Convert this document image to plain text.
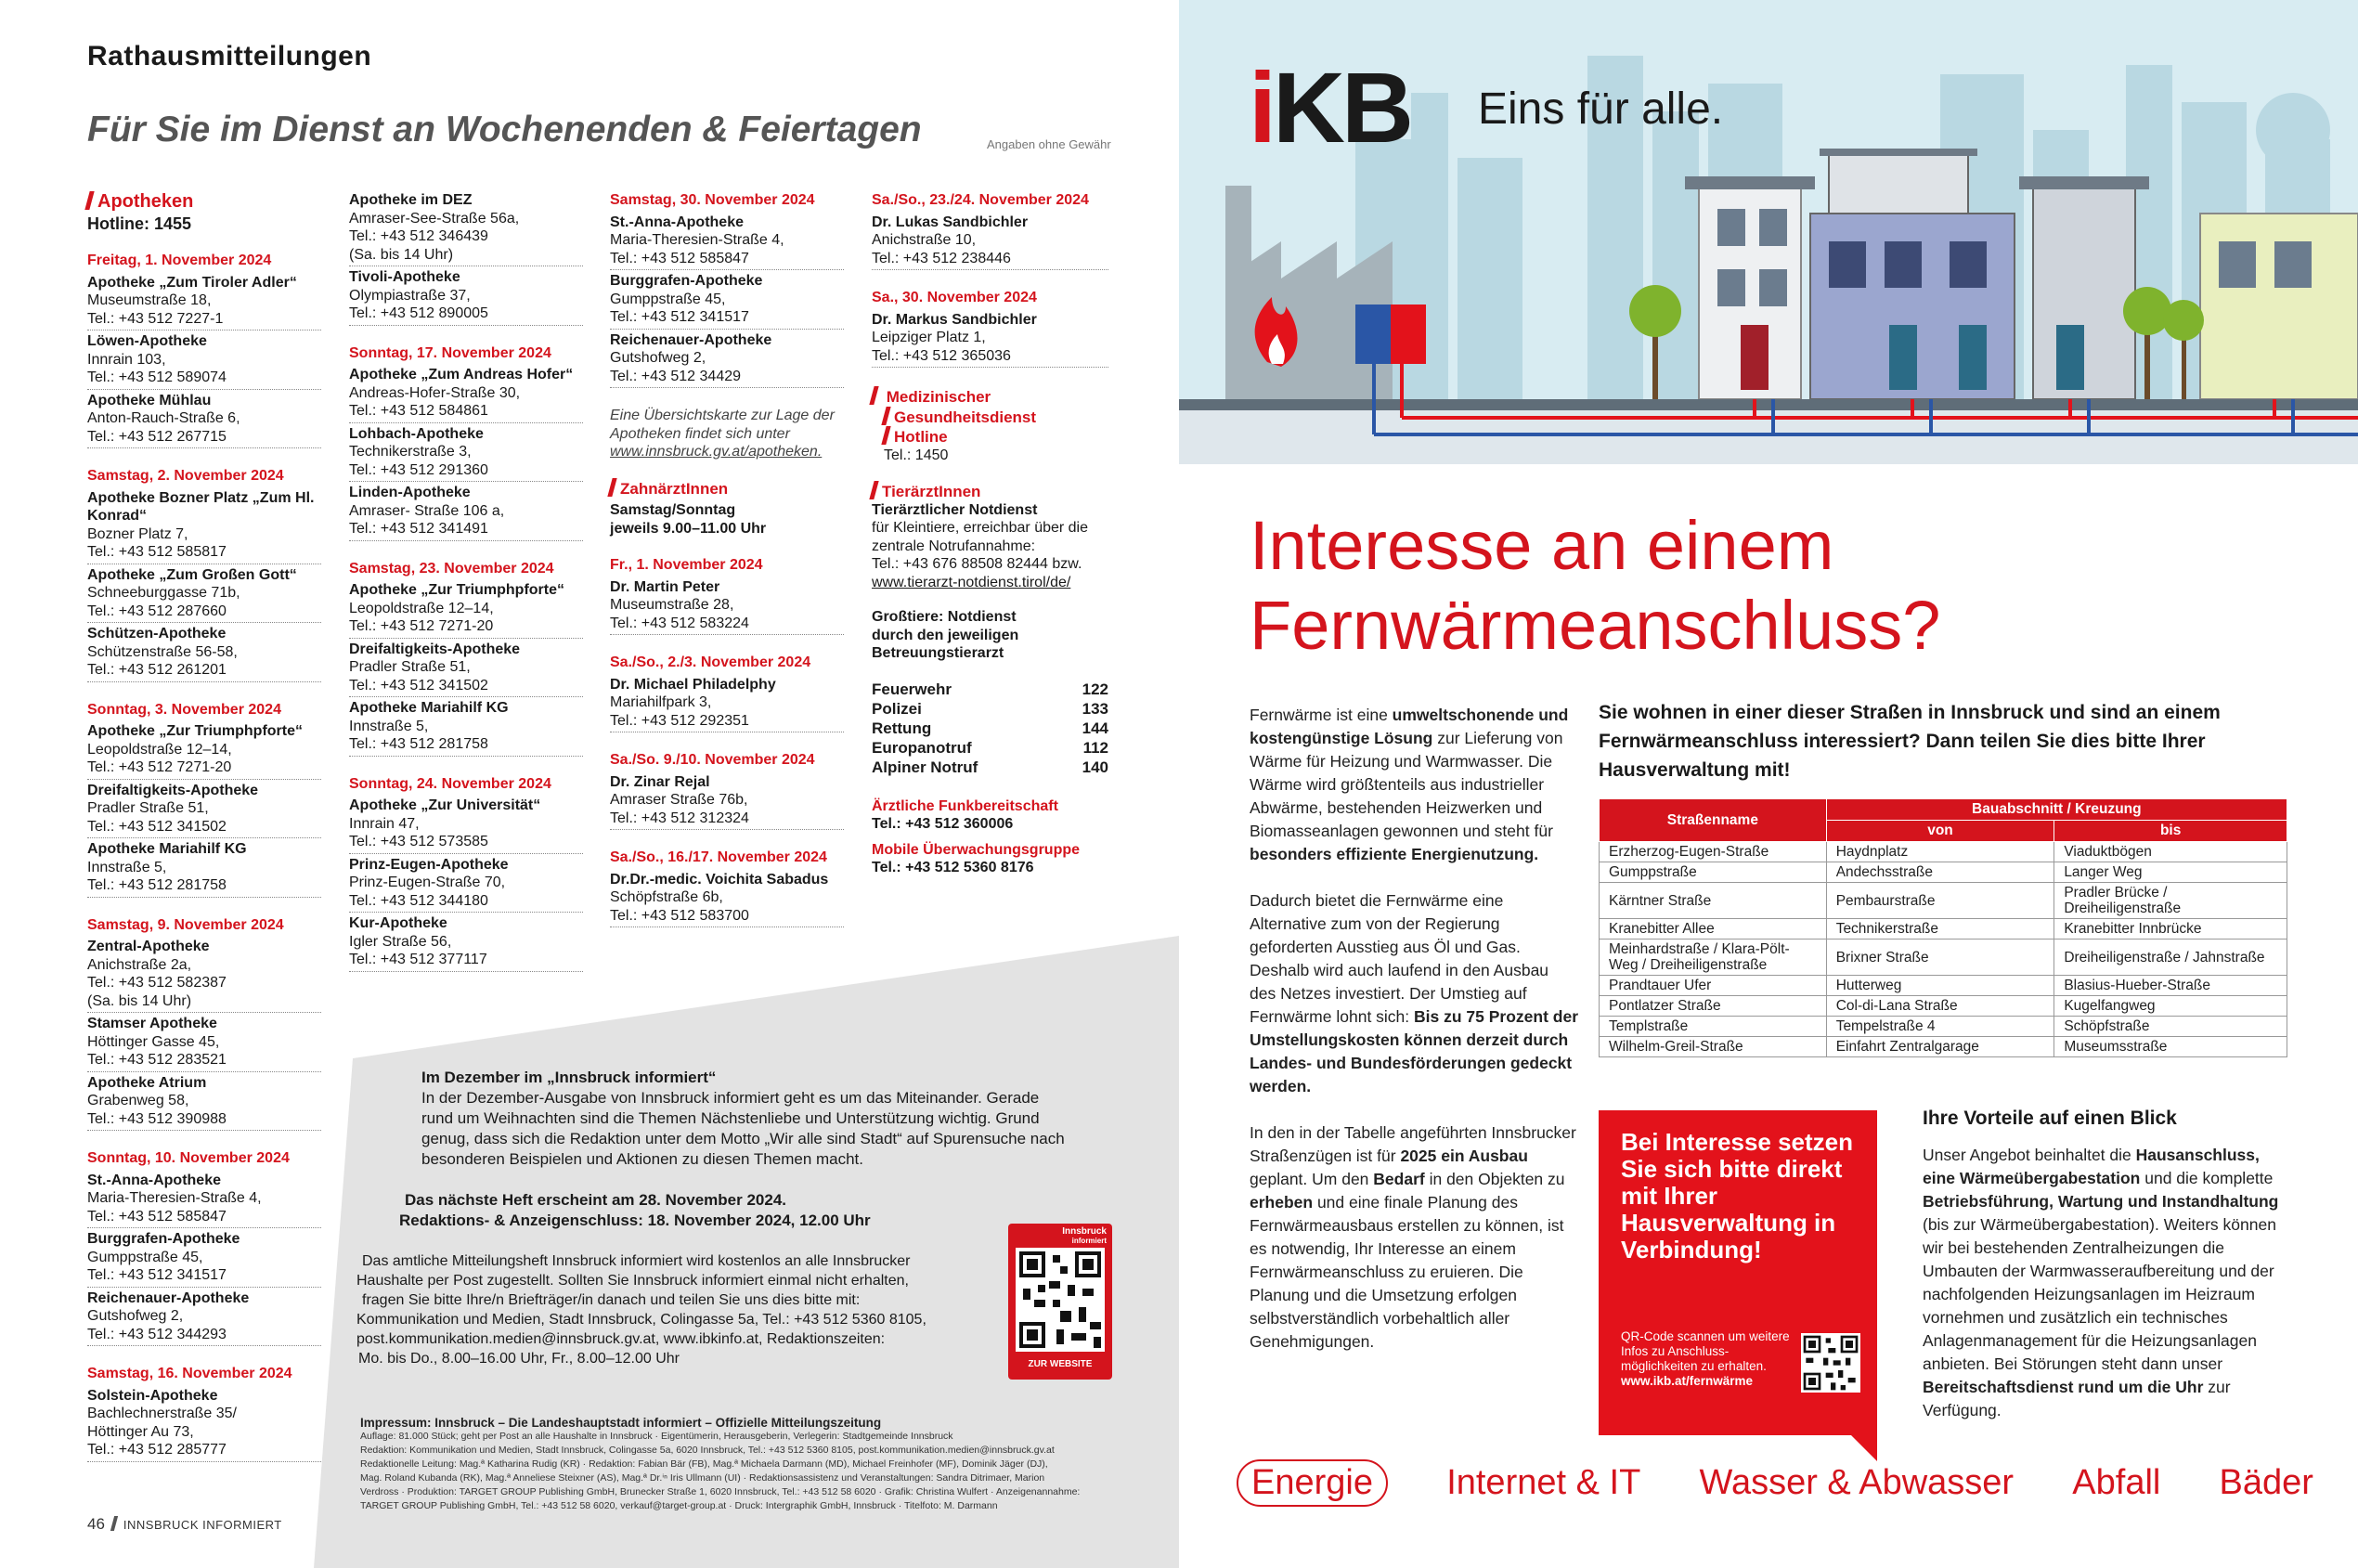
Rathausmitteilungen
Für Sie im Dienst an Wochenenden & Feiertagen	Angaben ohne Gewähr
Apotheken
Hotline: 1455
Freitag, 1. November 2024
Apotheke „Zum Tiroler Adler“
Museumstraße 18,
Tel.: +43 512 7227-1
Löwen-Apotheke
Innrain 103,
Tel.: +43 512 589074
Apotheke Mühlau
Anton-Rauch-Straße 6,
Tel.: +43 512 267715
Samstag, 2. November 2024
Apotheke Bozner Platz „Zum Hl. Konrad“
Bozner Platz 7,
Tel.: +43 512 585817
Apotheke „Zum Großen Gott“
Schneeburggasse 71b,
Tel.: +43 512 287660
Schützen-Apotheke
Schützenstraße 56-58,
Tel.: +43 512 261201
Sonntag, 3. November 2024
Apotheke „Zur Triumphpforte“
Leopoldstraße 12–14,
Tel.: +43 512 7271-20
Dreifaltigkeits-Apotheke
Pradler Straße 51,
Tel.: +43 512 341502
Apotheke Mariahilf KG
Innstraße 5,
Tel.: +43 512 281758
Samstag, 9. November 2024
Zentral-Apotheke
Anichstraße 2a,
Tel.: +43 512 582387
(Sa. bis 14 Uhr)
Stamser Apotheke
Höttinger Gasse 45,
Tel.: +43 512 283521
Apotheke Atrium
Grabenweg 58,
Tel.: +43 512 390988
Sonntag, 10. November 2024
St.-Anna-Apotheke
Maria-Theresien-Straße 4,
Tel.: +43 512 585847
Burggrafen-Apotheke
Gumppstraße 45,
Tel.: +43 512 341517
Reichenauer-Apotheke
Gutshofweg 2,
Tel.: +43 512 344293
Samstag, 16. November 2024
Solstein-Apotheke
Bachlechnerstraße 35/
Höttinger Au 73,
Tel.: +43 512 285777
Apotheke im DEZ
Amraser-See-Straße 56a,
Tel.: +43 512 346439
(Sa. bis 14 Uhr)
Tivoli-Apotheke
Olympiastraße 37,
Tel.: +43 512 890005
Sonntag, 17. November 2024
Apotheke „Zum Andreas Hofer“
Andreas-Hofer-Straße 30,
Tel.: +43 512 584861
Lohbach-Apotheke
Technikerstraße 3,
Tel.: +43 512 291360
Linden-Apotheke
Amraser- Straße 106 a,
Tel.: +43 512 341491
Samstag, 23. November 2024
Apotheke „Zur Triumphpforte“
Leopoldstraße 12–14,
Tel.: +43 512 7271-20
Dreifaltigkeits-Apotheke
Pradler Straße 51,
Tel.: +43 512 341502
Apotheke Mariahilf KG
Innstraße 5,
Tel.: +43 512 281758
Sonntag, 24. November 2024
Apotheke „Zur Universität“
Innrain 47,
Tel.: +43 512 573585
Prinz-Eugen-Apotheke
Prinz-Eugen-Straße 70,
Tel.: +43 512 344180
Kur-Apotheke
Igler Straße 56,
Tel.: +43 512 377117
Samstag, 30. November 2024
St.-Anna-Apotheke
Maria-Theresien-Straße 4,
Tel.: +43 512 585847
Burggrafen-Apotheke
Gumppstraße 45,
Tel.: +43 512 341517
Reichenauer-Apotheke
Gutshofweg 2,
Tel.: +43 512 34429
Eine Übersichtskarte zur Lage der
Apotheken findet sich unter
www.innsbruck.gv.at/apotheken.
ZahnärztInnen
Samstag/Sonntag
jeweils 9.00–11.00 Uhr
Fr., 1. November 2024
Dr. Martin Peter
Museumstraße 28,
Tel.: +43 512 583224
Sa./So., 2./3. November 2024
Dr. Michael Philadelphy
Mariahilfpark 3,
Tel.: +43 512 292351
Sa./So. 9./10. November 2024
Dr. Zinar Rejal
Amraser Straße 76b,
Tel.: +43 512 312324
Sa./So., 16./17. November 2024
Dr.Dr.-medic. Voichita Sabadus
Schöpfstraße 6b,
Tel.: +43 512 583700
Sa./So., 23./24. November 2024
Dr. Lukas Sandbichler
Anichstraße 10,
Tel.: +43 512 238446
Sa., 30. November 2024
Dr. Markus Sandbichler
Leipziger Platz 1,
Tel.: +43 512 365036
Medizinischer
Gesundheitsdienst
Hotline
Tel.: 1450
TierärztInnen
Tierärztlicher Notdienst
für Kleintiere, erreichbar über die
zentrale Notrufannahme:
Tel.: +43 676 88508 82444 bzw.
www.tierarzt-notdienst.tirol/de/
Großtiere: Notdienst
durch den jeweiligen
Betreuungstierarzt
Feuerwehr	122
Polizei	133
Rettung	144
Europanotruf	112
Alpiner Notruf	140
Ärztliche Funkbereitschaft
Tel.: +43 512 360006
Mobile Überwachungsgruppe
Tel.: +43 512 5360 8176

Im Dezember im „Innsbruck informiert“

In der Dezember-Ausgabe von Innsbruck informiert geht es um das Miteinander. Gerade
rund um Weihnachten sind die Themen Nächstenliebe und Unterstützung wichtig. Grund
genug, dass sich die Redaktion unter dem Motto „Wir alle sind Stadt“ auf Spurensuche nach
besonderen Beispielen und Aktionen zu diesen Themen macht.

Das nächste Heft erscheint am 28. November 2024.

Redaktions- & Anzeigenschluss: 18. November 2024, 12.00 Uhr

Das amtliche Mitteilungsheft Innsbruck informiert wird kostenlos an alle Innsbrucker
Haushalte per Post zugestellt. Sollten Sie Innsbruck informiert einmal nicht erhalten,
fragen Sie bitte Ihre/n Briefträger/in danach und teilen Sie uns dies bitte mit:
Kommunikation und Medien, Stadt Innsbruck, Colingasse 5a, Tel.: +43 512 5360 8105,
post.kommunikation.medien@innsbruck.gv.at, www.ibkinfo.at, Redaktionszeiten:
Mo. bis Do., 8.00–16.00 Uhr, Fr., 8.00–12.00 Uhr
Innsbruck
informiert
ZUR WEBSITE
Impressum: Innsbruck – Die Landeshauptstadt informiert – Offizielle Mitteilungszeitung
Auflage: 81.000 Stück; geht per Post an alle Haushalte in Innsbruck · Eigentümerin, Herausgeberin, Verlegerin: Stadtgemeinde Innsbruck
Redaktion: Kommunikation und Medien, Stadt Innsbruck, Colingasse 5a, 6020 Innsbruck, Tel.: +43 512 5360 8105, post.kommunikation.medien@innsbruck.gv.at
Redaktionelle Leitung: Mag.ª Katharina Rudig (KR) · Redaktion: Fabian Bär (FB), Mag.ª Michaela Darmann (MD), Michael Freinhofer (MF), Dominik Jäger (DJ),
Mag. Roland Kubanda (RK), Mag.ª Anneliese Steixner (AS), Mag.ª Dr.ⁱⁿ Iris Ullmann (UI) · Redaktionsassistenz und Veranstaltungen: Sandra Ditrimaer, Marion
Verdross · Produktion: TARGET GROUP Publishing GmbH, Brunecker Straße 1, 6020 Innsbruck, Tel.: +43 512 58 6020 · Grafik: Christina Wulfert · Anzeigenannahme:
TARGET GROUP Publishing GmbH, Tel.: +43 512 58 6020, verkauf@target-group.at · Druck: Intergraphik GmbH, Innsbruck · Titelfoto: M. Darmann
46 INNSBRUCK INFORMIERT
iKB Eins für alle.
Interesse an einem
Fernwärmeanschluss?

Fernwärme ist eine umweltschonende und kostengünstige Lösung zur Lieferung von Wärme für Heizung und Warmwasser. Die Wärme wird größtenteils aus industrieller Abwärme, bestehenden Heizwerken und Biomasseanlagen gewonnen und steht für besonders effiziente Energienutzung.

Dadurch bietet die Fernwärme eine Alternative zum von der Regierung geforderten Ausstieg aus Öl und Gas. Deshalb wird auch laufend in den Ausbau des Netzes investiert. Der Umstieg auf Fernwärme lohnt sich: Bis zu 75 Prozent der Umstellungskosten können derzeit durch Landes- und Bundesförderungen gedeckt werden.

In den in der Tabelle angeführten Innsbrucker Straßenzügen ist für 2025 ein Ausbau geplant. Um den Bedarf in den Objekten zu erheben und eine finale Planung des Fernwärmeausbaus erstellen zu können, ist es notwendig, Ihr Interesse an einem Fernwärmeanschluss zu eruieren. Die Planung und die Umsetzung erfolgen selbstverständlich vorbehaltlich aller Genehmigungen.

Sie wohnen in einer dieser Straßen in Innsbruck und sind an einem Fernwärmeanschluss interessiert? Dann teilen Sie dies bitte Ihrer Hausverwaltung mit!
Straßenname	Bauabschnitt / Kreuzung	
	von	bis
Erzherzog-Eugen-Straße	Haydnplatz	Viaduktbögen
Gumppstraße	Andechsstraße	Langer Weg
Kärntner Straße	Pembaurstraße	Pradler Brücke / Dreiheiligenstraße
Kranebitter Allee	Technikerstraße	Kranebitter Innbrücke
Meinhardstraße / Klara-Pölt-Weg / Dreiheiligenstraße	Brixner Straße	Dreiheiligenstraße / Jahnstraße
Prandtauer Ufer	Hutterweg	Blasius-Hueber-Straße
Pontlatzer Straße	Col-di-Lana Straße	Kugelfangweg
Templstraße	Tempelstraße 4	Schöpfstraße
Wilhelm-Greil-Straße	Einfahrt Zentralgarage	Museumsstraße
Bei Interesse setzen Sie sich bitte direkt mit Ihrer Hausverwaltung in Verbindung!
QR-Code scannen um weitere Infos zu Anschluss-möglichkeiten zu erhalten.
www.ikb.at/fernwärme
Ihre Vorteile auf einen Blick
Unser Angebot beinhaltet die Hausanschluss, eine Wärmeübergabestation und die komplette Betriebsführung, Wartung und Instandhaltung (bis zur Wärmeübergabestation). Weiters können wir bei bestehenden Zentralheizungen die Umbauten der Warmwasseraufbereitung und der nachfolgenden Heizungsanlagen im Heizraum vornehmen und zusätzlich ein technisches Anlagenmanagement für die Heizungsanlagen anbieten. Bei Störungen steht dann unser Bereitschaftsdienst rund um die Uhr zur Verfügung.
Energie	Internet & IT Wasser & Abwasser Abfall Bäder
